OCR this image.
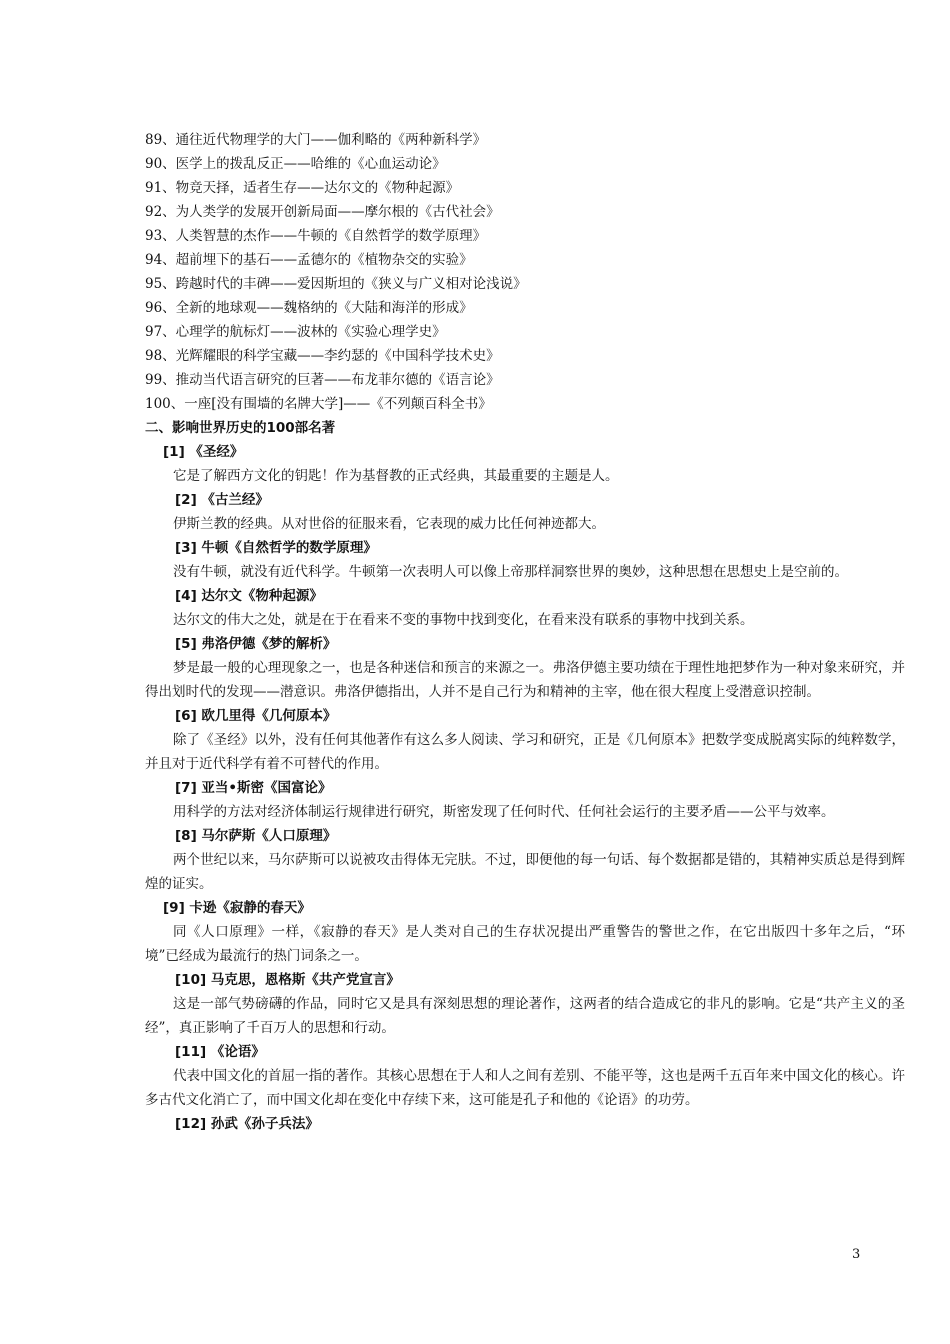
89、通往近代物理学的大门——伽利略的《两种新科学》
90、医学上的拨乱反正——哈维的《心血运动论》
91、物竞天择，适者生存——达尔文的《物种起源》
92、为人类学的发展开创新局面——摩尔根的《古代社会》
93、人类智慧的杰作——牛顿的《自然哲学的数学原理》
94、超前埋下的基石——孟德尔的《植物杂交的实验》
95、跨越时代的丰碑——爱因斯坦的《狭义与广义相对论浅说》
96、全新的地球观——魏格纳的《大陆和海洋的形成》
97、心理学的航标灯——波林的《实验心理学史》
98、光辉耀眼的科学宝藏——李约瑟的《中国科学技术史》
99、推动当代语言研究的巨著——布龙菲尔德的《语言论》
100、一座[没有围墙的名牌大学]——《不列颠百科全书》
二、影响世界历史的100部名著
[1] 《圣经》
它是了解西方文化的钥匙！作为基督教的正式经典，其最重要的主题是人。
[2] 《古兰经》
伊斯兰教的经典。从对世俗的征服来看，它表现的威力比任何神迹都大。
[3] 牛顿《自然哲学的数学原理》
没有牛顿，就没有近代科学。牛顿第一次表明人可以像上帝那样洞察世界的奥妙，这种思想在思想史上是空前的。
[4] 达尔文《物种起源》
达尔文的伟大之处，就是在于在看来不变的事物中找到变化，在看来没有联系的事物中找到关系。
[5] 弗洛伊德《梦的解析》
梦是最一般的心理现象之一，也是各种迷信和预言的来源之一。弗洛伊德主要功绩在于理性地把梦作为一种对象来研究，并得出划时代的发现——潜意识。弗洛伊德指出，人并不是自己行为和精神的主宰，他在很大程度上受潜意识控制。
[6] 欧几里得《几何原本》
除了《圣经》以外，没有任何其他著作有这么多人阅读、学习和研究，正是《几何原本》把数学变成脱离实际的纯粹数学，并且对于近代科学有着不可替代的作用。
[7] 亚当•斯密《国富论》
用科学的方法对经济体制运行规律进行研究，斯密发现了任何时代、任何社会运行的主要矛盾——公平与效率。
[8] 马尔萨斯《人口原理》
两个世纪以来，马尔萨斯可以说被攻击得体无完肤。不过，即便他的每一句话、每个数据都是错的，其精神实质总是得到辉煌的证实。
[9] 卡逊《寂静的春天》
同《人口原理》一样，《寂静的春天》是人类对自己的生存状况提出严重警告的警世之作，在它出版四十多年之后，“环境”已经成为最流行的热门词条之一。
[10] 马克思，恩格斯《共产党宣言》
这是一部气势磅礴的作品，同时它又是具有深刻思想的理论著作，这两者的结合造成它的非凡的影响。它是“共产主义的圣经”，真正影响了千百万人的思想和行动。
[11] 《论语》
代表中国文化的首屈一指的著作。其核心思想在于人和人之间有差别、不能平等，这也是两千五百年来中国文化的核心。许多古代文化消亡了，而中国文化却在变化中存续下来，这可能是孔子和他的《论语》的功劳。
[12] 孙武《孙子兵法》
3
